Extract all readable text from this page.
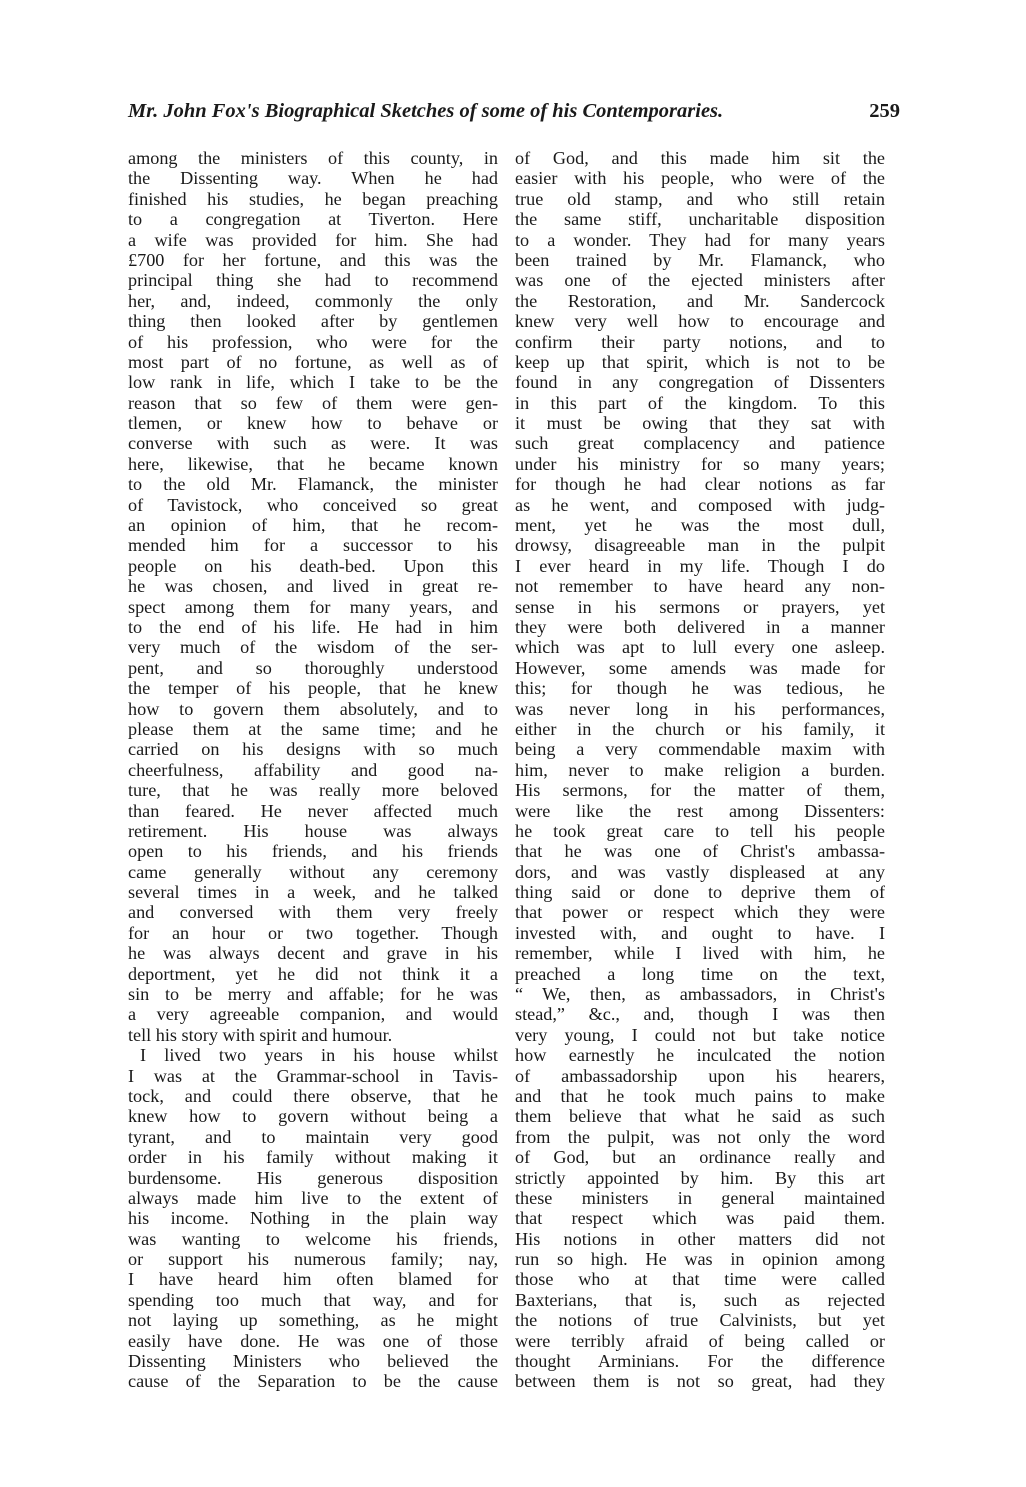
Mr. John Fox's Biographical Sketches of some of his Contemporaries.	259
among the ministers of this county, in
the Dissenting way. When he had
finished his studies, he began preaching
to a congregation at Tiverton. Here
a wife was provided for him. She had
£700 for her fortune, and this was the
principal thing she had to recommend
her, and, indeed, commonly the only
thing then looked after by gentlemen
of his profession, who were for the
most part of no fortune, as well as of
low rank in life, which I take to be the
reason that so few of them were gen-
tlemen, or knew how to behave or
converse with such as were. It was
here, likewise, that he became known
to the old Mr. Flamanck, the minister
of Tavistock, who conceived so great
an opinion of him, that he recom-
mended him for a successor to his
people on his death-bed. Upon this
he was chosen, and lived in great re-
spect among them for many years, and
to the end of his life. He had in him
very much of the wisdom of the ser-
pent, and so thoroughly understood
the temper of his people, that he knew
how to govern them absolutely, and to
please them at the same time; and he
carried on his designs with so much
cheerfulness, affability and good na-
ture, that he was really more beloved
than feared. He never affected much
retirement. His house was always
open to his friends, and his friends
came generally without any ceremony
several times in a week, and he talked
and conversed with them very freely
for an hour or two together. Though
he was always decent and grave in his
deportment, yet he did not think it a
sin to be merry and affable; for he was
a very agreeable companion, and would
tell his story with spirit and humour.
I lived two years in his house whilst
I was at the Grammar-school in Tavis-
tock, and could there observe, that he
knew how to govern without being a
tyrant, and to maintain very good
order in his family without making it
burdensome. His generous disposition
always made him live to the extent of
his income. Nothing in the plain way
was wanting to welcome his friends,
or support his numerous family; nay,
I have heard him often blamed for
spending too much that way, and for
not laying up something, as he might
easily have done. He was one of those
Dissenting Ministers who believed the
cause of the Separation to be the cause
of God, and this made him sit the
easier with his people, who were of the
true old stamp, and who still retain
the same stiff, uncharitable disposition
to a wonder. They had for many years
been trained by Mr. Flamanck, who
was one of the ejected ministers after
the Restoration, and Mr. Sandercock
knew very well how to encourage and
confirm their party notions, and to
keep up that spirit, which is not to be
found in any congregation of Dissenters
in this part of the kingdom. To this
it must be owing that they sat with
such great complacency and patience
under his ministry for so many years;
for though he had clear notions as far
as he went, and composed with judg-
ment, yet he was the most dull,
drowsy, disagreeable man in the pulpit
I ever heard in my life. Though I do
not remember to have heard any non-
sense in his sermons or prayers, yet
they were both delivered in a manner
which was apt to lull every one asleep.
However, some amends was made for
this; for though he was tedious, he
was never long in his performances,
either in the church or his family, it
being a very commendable maxim with
him, never to make religion a burden.
His sermons, for the matter of them,
were like the rest among Dissenters:
he took great care to tell his people
that he was one of Christ's ambassa-
dors, and was vastly displeased at any
thing said or done to deprive them of
that power or respect which they were
invested with, and ought to have. I
remember, while I lived with him, he
preached a long time on the text,
“ We, then, as ambassadors, in Christ's
stead,” &c., and, though I was then
very young, I could not but take notice
how earnestly he inculcated the notion
of ambassadorship upon his hearers,
and that he took much pains to make
them believe that what he said as such
from the pulpit, was not only the word
of God, but an ordinance really and
strictly appointed by him. By this art
these ministers in general maintained
that respect which was paid them.
His notions in other matters did not
run so high. He was in opinion among
those who at that time were called
Baxterians, that is, such as rejected
the notions of true Calvinists, but yet
were terribly afraid of being called or
thought Arminians. For the difference
between them is not so great, had they
